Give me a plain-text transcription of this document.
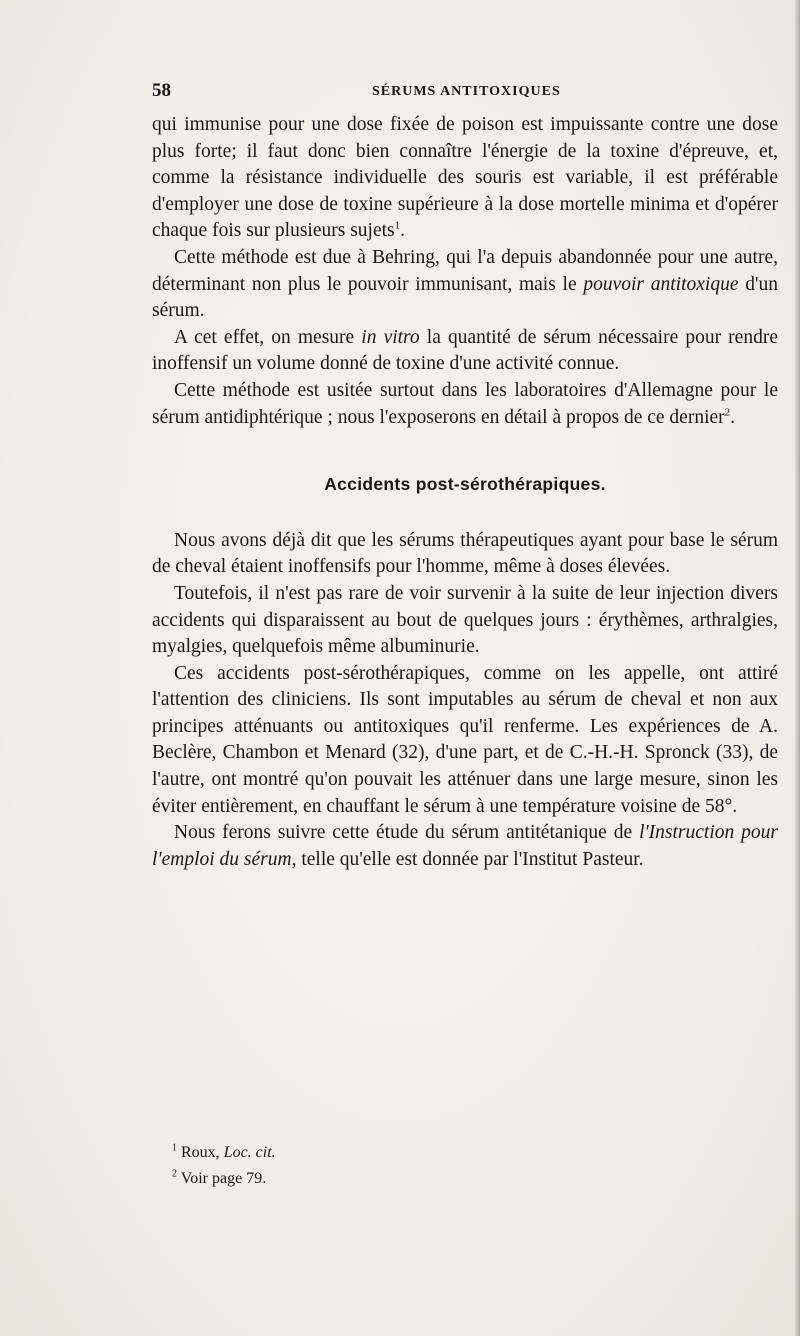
58	SÉRUMS ANTITOXIQUES

qui immunise pour une dose fixée de poison est impuissante contre une dose plus forte; il faut donc bien connaître l'énergie de la toxine d'épreuve, et, comme la résistance individuelle des souris est variable, il est préférable d'employer une dose de toxine supérieure à la dose mortelle minima et d'opérer chaque fois sur plusieurs sujets$^1$.

Cette méthode est due à Behring, qui l'a depuis abandonnée pour une autre, déterminant non plus le pouvoir immunisant, mais le pouvoir antitoxique d'un sérum.

A cet effet, on mesure in vitro la quantité de sérum nécessaire pour rendre inoffensif un volume donné de toxine d'une activité connue.

Cette méthode est usitée surtout dans les laboratoires d'Allemagne pour le sérum antidiphtérique ; nous l'exposerons en détail à propos de ce dernier$^2$.

Accidents post-sérothérapiques.

Nous avons déjà dit que les sérums thérapeutiques ayant pour base le sérum de cheval étaient inoffensifs pour l'homme, même à doses élevées.

Toutefois, il n'est pas rare de voir survenir à la suite de leur injection divers accidents qui disparaissent au bout de quelques jours : érythèmes, arthralgies, myalgies, quelquefois même albuminurie.

Ces accidents post-sérothérapiques, comme on les appelle, ont attiré l'attention des cliniciens. Ils sont imputables au sérum de cheval et non aux principes atténuants ou antitoxiques qu'il renferme. Les expériences de A. Beclère, Chambon et Menard (32), d'une part, et de C.-H.-H. Spronck (33), de l'autre, ont montré qu'on pouvait les atténuer dans une large mesure, sinon les éviter entièrement, en chauffant le sérum à une température voisine de 58°.

Nous ferons suivre cette étude du sérum antitétanique de l'Instruction pour l'emploi du sérum, telle qu'elle est donnée par l'Institut Pasteur.

$^1$ Roux, Loc. cit.
$^2$ Voir page 79.
